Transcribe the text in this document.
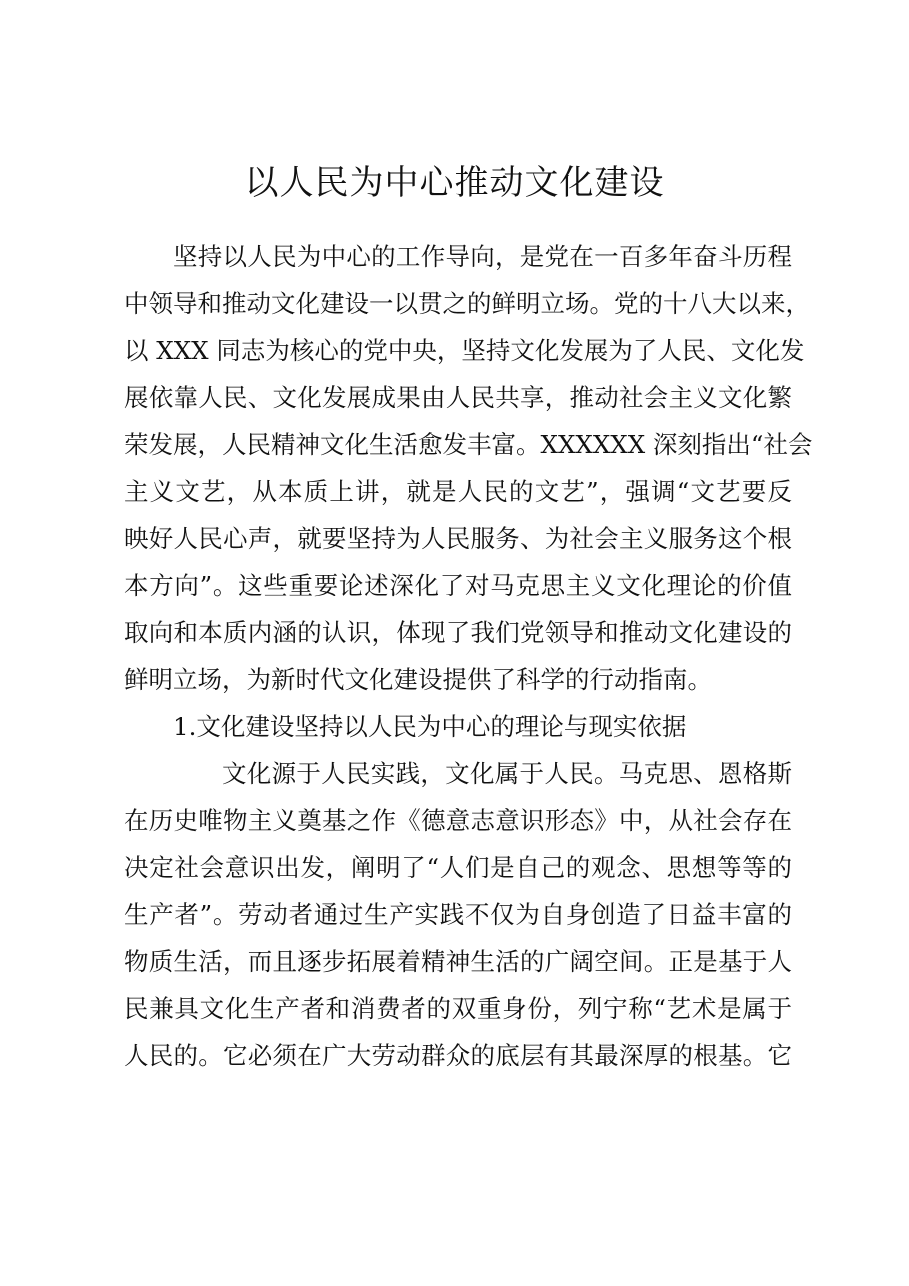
以人民为中心推动文化建设
坚持以人民为中心的工作导向，是党在一百多年奋斗历程
中领导和推动文化建设一以贯之的鲜明立场。党的十八大以来，
以 XXX 同志为核心的党中央，坚持文化发展为了人民、文化发
展依靠人民、文化发展成果由人民共享，推动社会主义文化繁
荣发展，人民精神文化生活愈发丰富。XXXXXX 深刻指出“社会
主义文艺，从本质上讲，就是人民的文艺”，强调“文艺要反
映好人民心声，就要坚持为人民服务、为社会主义服务这个根
本方向”。这些重要论述深化了对马克思主义文化理论的价值
取向和本质内涵的认识，体现了我们党领导和推动文化建设的
鲜明立场，为新时代文化建设提供了科学的行动指南。
1.文化建设坚持以人民为中心的理论与现实依据
文化源于人民实践，文化属于人民。马克思、恩格斯
在历史唯物主义奠基之作《德意志意识形态》中，从社会存在
决定社会意识出发，阐明了“人们是自己的观念、思想等等的
生产者”。劳动者通过生产实践不仅为自身创造了日益丰富的
物质生活，而且逐步拓展着精神生活的广阔空间。正是基于人
民兼具文化生产者和消费者的双重身份，列宁称“艺术是属于
人民的。它必须在广大劳动群众的底层有其最深厚的根基。它
